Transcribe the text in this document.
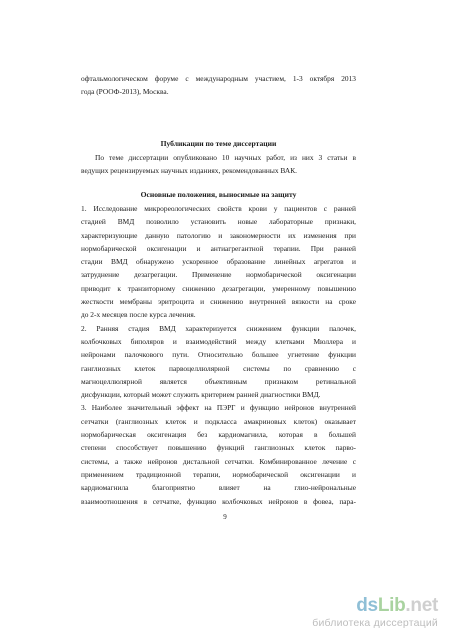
офтальмологическом форуме с международным участием, 1-3 октября 2013
года (РООФ-2013), Москва.

Публикации по теме диссертации

По теме диссертации опубликовано 10 научных работ, из них 3 статьи в
ведущих рецензируемых научных изданиях, рекомендованных ВАК.

Основные положения, выносимые на защиту
1. Исследование микрореологических свойств крови у пациентов с ранней
стадией ВМД позволило установить новые лабораторные признаки,
характеризующие данную патологию и закономерности их изменения при
нормобарической оксигенации и антиагрегантной терапии. При ранней
стадии ВМД обнаружено ускоренное образование линейных агрегатов и
затруднение дезагрегации. Применение нормобарической оксигенации
приводит к транзиторному снижению дезагрегации, умеренному повышению
жесткости мембраны эритроцита и снижению внутренней вязкости на сроке
до 2-х месяцев после курса лечения.
2. Ранняя стадия ВМД характеризуется снижением функции палочек,
колбочковых биполяров и взаимодействий между клетками Мюллера и
нейронами палочкового пути. Относительно большее угнетение функции
ганглиозных клеток парвоцеллюлярной системы по сравнению с
магноцеллюлярной является объективным признаком ретинальной
дисфункции, который может служить критерием ранней диагностики ВМД.
3. Наиболее значительный эффект на ПЭРГ и функцию нейронов внутренней
сетчатки (ганглиозных клеток и подкласса амакриновых клеток) оказывает
нормобарическая оксигенация без кардиомагнила, которая в большей
степени способствует повышению функций ганглиозных клеток парво-
системы, а также нейронов дистальной сетчатки. Комбинированное лечение с
применением традиционной терапии, нормобарической оксигенации и
кардиомагнила благоприятно влияет на глио-нейрональные
взаимоотношения в сетчатке, функцию колбочковых нейронов в фовеа, пара-
9
dsLib.net
библиотека диссертаций
